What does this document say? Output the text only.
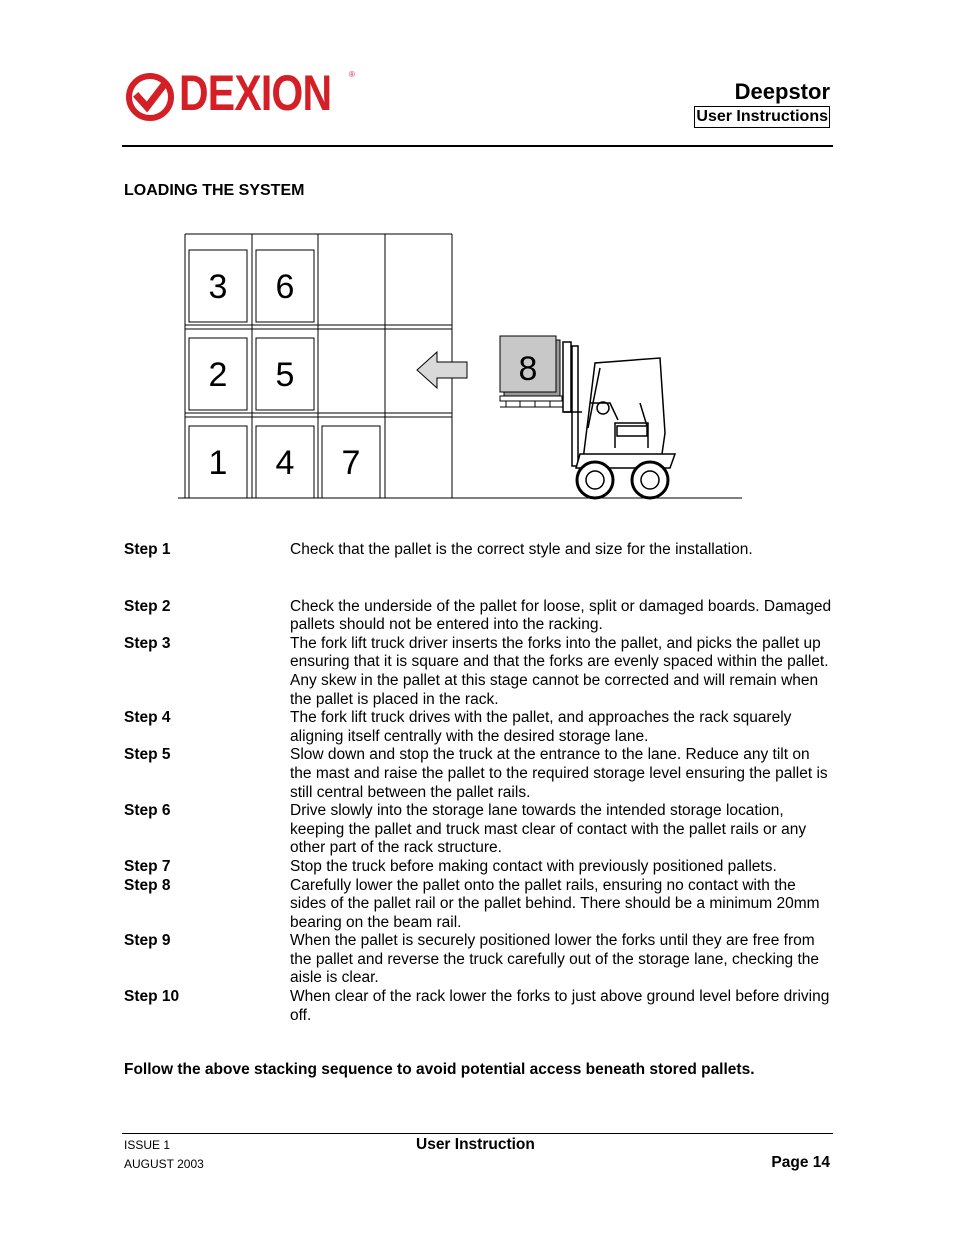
DEXION ®
Deepstor
User Instructions
LOADING THE SYSTEM
3 6
2 5
1 4 7
8
Step 1	Check that the pallet is the correct style and size for the installation.
Step 2	Check the underside of the pallet for loose, split or damaged boards. Damaged pallets should not be entered into the racking.
Step 3	The fork lift truck driver inserts the forks into the pallet, and picks the pallet up ensuring that it is square and that the forks are evenly spaced within the pallet. Any skew in the pallet at this stage cannot be corrected and will remain when the pallet is placed in the rack.
Step 4	The fork lift truck drives with the pallet, and approaches the rack squarely aligning itself centrally with the desired storage lane.
Step 5	Slow down and stop the truck at the entrance to the lane. Reduce any tilt on the mast and raise the pallet to the required storage level ensuring the pallet is still central between the pallet rails.
Step 6	Drive slowly into the storage lane towards the intended storage location, keeping the pallet and truck mast clear of contact with the pallet rails or any other part of the rack structure.
Step 7	Stop the truck before making contact with previously positioned pallets.
Step 8	Carefully lower the pallet onto the pallet rails, ensuring no contact with the sides of the pallet rail or the pallet behind. There should be a minimum 20mm bearing on the beam rail.
Step 9	When the pallet is securely positioned lower the forks until they are free from the pallet and reverse the truck carefully out of the storage lane, checking the aisle is clear.
Step 10	When clear of the rack lower the forks to just above ground level before driving off.
Follow the above stacking sequence to avoid potential access beneath stored pallets.
ISSUE 1
AUGUST 2003
User Instruction
Page 14
